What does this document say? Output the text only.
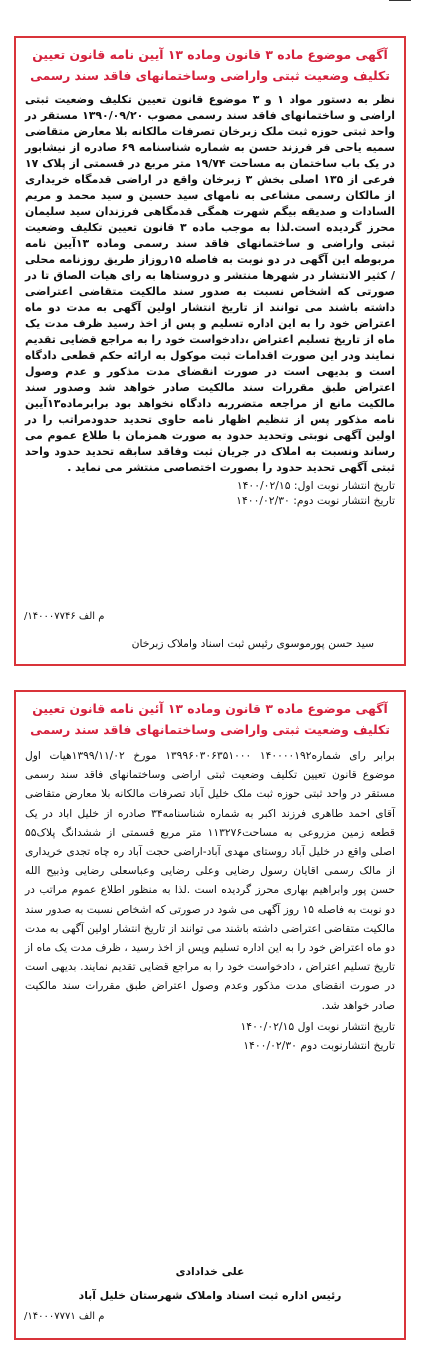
آگهی موضوع ماده ۳ قانون وماده ۱۳ آیین نامه قانون تعیین
تکلیف وضعیت ثبتی واراضی وساختمانهای فاقد سند رسمی

نظر به دستور مواد ۱ و ۳ موضوع قانون تعیین تکلیف وضعیت ثبتی اراضی و ساختمانهای فاقد سند رسمی مصوب ۱۳۹۰/۰۹/۲۰ مستقر در واحد ثبتی حوزه ثبت ملک زبرخان تصرفات مالکانه بلا معارض متقاضی سمیه یاحی فر فرزند حسن به شماره شناسنامه ۶۹ صادره از نیشابور در یک باب ساختمان به مساحت ۱۹/۷۴ متر مربع در قسمتی از پلاک ۱۷ فرعی از ۱۳۵ اصلی بخش ۳ زبرخان واقع در اراضی قدمگاه خریداری از مالکان رسمی مشاعی به نامهای سید حسین و سید محمد و مریم السادات و صدیقه بیگم شهرت همگی قدمگاهی فرزندان سید سلیمان محرز گردیده است.لذا به موجب ماده ۳ قانون تعیین تکلیف وضعیت ثبتی واراضی و ساختمانهای فاقد سند رسمی وماده ۱۳آیین نامه مربوطه این آگهی در دو نوبت به فاصله ۱۵روزاز طریق روزنامه محلی / کثیر الانتشار در شهرها منتشر و دروستاها به رای هیات الصاق تا در صورتی که اشخاص نسبت به صدور سند مالکیت متقاضی اعتراضی داشته باشند می توانند از تاریخ انتشار اولین آگهی به مدت دو ماه اعتراض خود را به این اداره تسلیم و پس از اخذ رسید ظرف مدت یک ماه از تاریخ تسلیم اعتراض ،دادخواست خود را به مراجع قضایی تقدیم نمایند ودر این صورت اقدامات ثبت موکول به ارائه حکم قطعی دادگاه است و بدیهی است در صورت انقضای مدت مذکور و عدم وصول اعتراض طبق مقررات سند مالکیت صادر خواهد شد وصدور سند مالکیت مانع از مراجعه متضرربه دادگاه نخواهد بود برابرماده۱۳آیین نامه مذکور پس از تنظیم اظهار نامه حاوی تحدید حدودمراتب را در اولین آگهی نوبتی وتحدید حدود به صورت همزمان با طلاع عموم می رساند ونسبت به املاک در جریان ثبت وفاقد سابقه تحدید حدود واحد ثبتی آگهی تحدید حدود را بصورت اختصاصی منتشر می نماید .

تاریخ انتشار نوبت اول: ۱۴۰۰/۰۲/۱۵
تاریخ انتشار نوبت دوم: ۱۴۰۰/۰۲/۳۰
/۱۴۰۰۰۷۷۴۶ م الف
سید حسن پورموسوی رئیس ثبت اسناد واملاک زبرخان
آگهی موضوع ماده ۳ قانون وماده ۱۳ آئین نامه قانون تعیین
تکلیف وضعیت ثبتی واراضی وساختمانهای فاقد سند رسمی

برابر رای شماره۱۴۰۰۰۰۱۹۲ ۱۳۹۹۶۰۳۰۶۳۵۱۰۰۰ مورخ ۱۳۹۹/۱۱/۰۲هیات اول موضوع قانون تعیین تکلیف وضعیت ثبتی اراضی وساختمانهای فاقد سند رسمی مستقر در واحد ثبتی حوزه ثبت ملک خلیل آباد تصرفات مالکانه بلا معارض متقاضی آقای احمد طاهری فرزند اکبر به شماره شناسنامه۳۴ صادره از خلیل اباد در یک قطعه زمین مزروعی به مساحت۱۱۳۲۷۶ متر مربع قسمتی از ششدانگ پلاک۵۵ اصلی واقع در خلیل آباد روستای مهدی آباد-اراضی حجت آباد ره چاه تجدی خریداری از مالک رسمی اقایان رسول رضایی وعلی رضایی وعباسعلی رضایی وذبیح الله حسن پور وابراهیم بهاری محرز گردیده است .لذا به منظور اطلاع عموم مراتب در دو نوبت به فاصله ۱۵ روز آگهی می شود در صورتی که اشخاص نسبت به صدور سند مالکیت متقاضی اعتراضی داشته باشند می توانند از تاریخ انتشار اولین آگهی به مدت دو ماه اعتراض خود را به این اداره تسلیم وپس از اخذ رسید ، ظرف مدت یک ماه از تاریخ تسلیم اعتراض ، دادخواست خود را به مراجع قضایی تقدیم نمایند. بدیهی است در صورت انقضای مدت مذکور وعدم وصول اعتراض طبق مقررات سند مالکیت صادر خواهد شد.

تاریخ انتشار نوبت اول ۱۴۰۰/۰۲/۱۵
تاریخ انتشارنوبت دوم ۱۴۰۰/۰۲/۳۰
علی خدادادی
رئیس اداره ثبت اسناد واملاک شهرستان خلیل آباد
/۱۴۰۰۰۷۷۷۱ م الف
